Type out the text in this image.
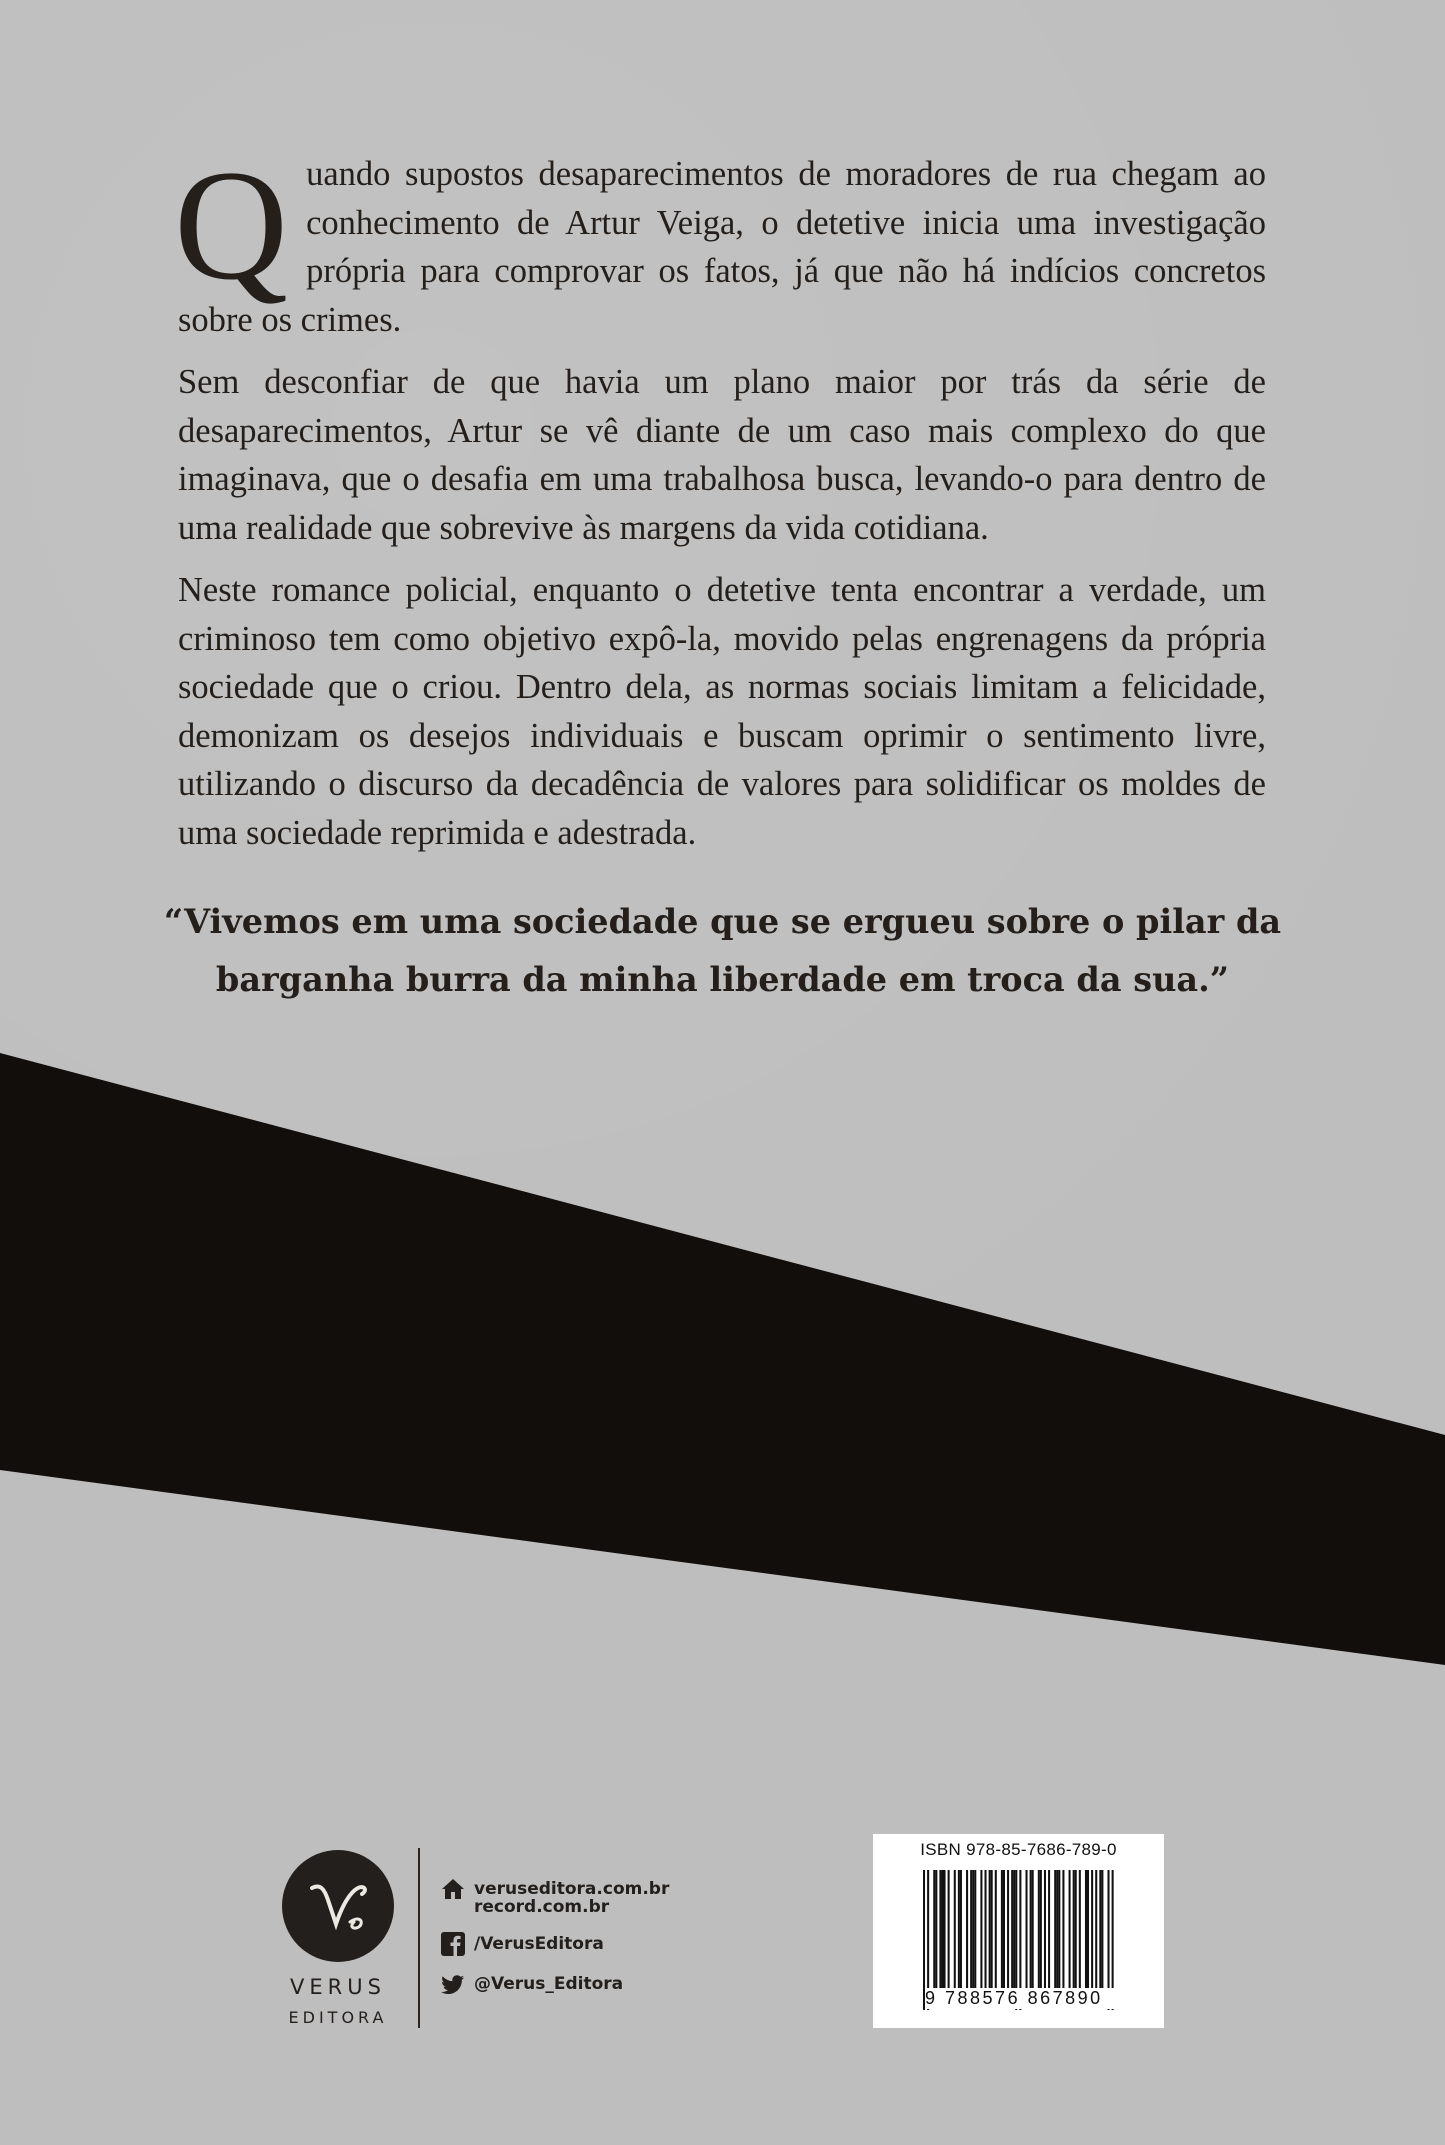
Quando supostos desaparecimentos de moradores de rua chegam ao conhecimento de Artur Veiga, o detetive inicia uma investigação própria para comprovar os fatos, já que não há indícios concretos sobre os crimes.

Sem desconfiar de que havia um plano maior por trás da série de desaparecimentos, Artur se vê diante de um caso mais complexo do que imaginava, que o desafia em uma trabalhosa busca, levando-o para dentro de uma realidade que sobrevive às margens da vida cotidiana.

Neste romance policial, enquanto o detetive tenta encontrar a verdade, um criminoso tem como objetivo expô-la, movido pelas engrenagens da própria sociedade que o criou. Dentro dela, as normas sociais limitam a felicidade, demonizam os desejos individuais e buscam oprimir o sentimento livre, utilizando o discurso da decadência de valores para solidificar os moldes de uma sociedade reprimida e adestrada.

“Vivemos em uma sociedade que se ergueu sobre o pilar da
barganha burra da minha liberdade em troca da sua.”
VERUS
EDITORA
veruseditora.com.br
record.com.br
/VerusEditora
@Verus_Editora
ISBN 978-85-7686-789-0
9 788576 867890
